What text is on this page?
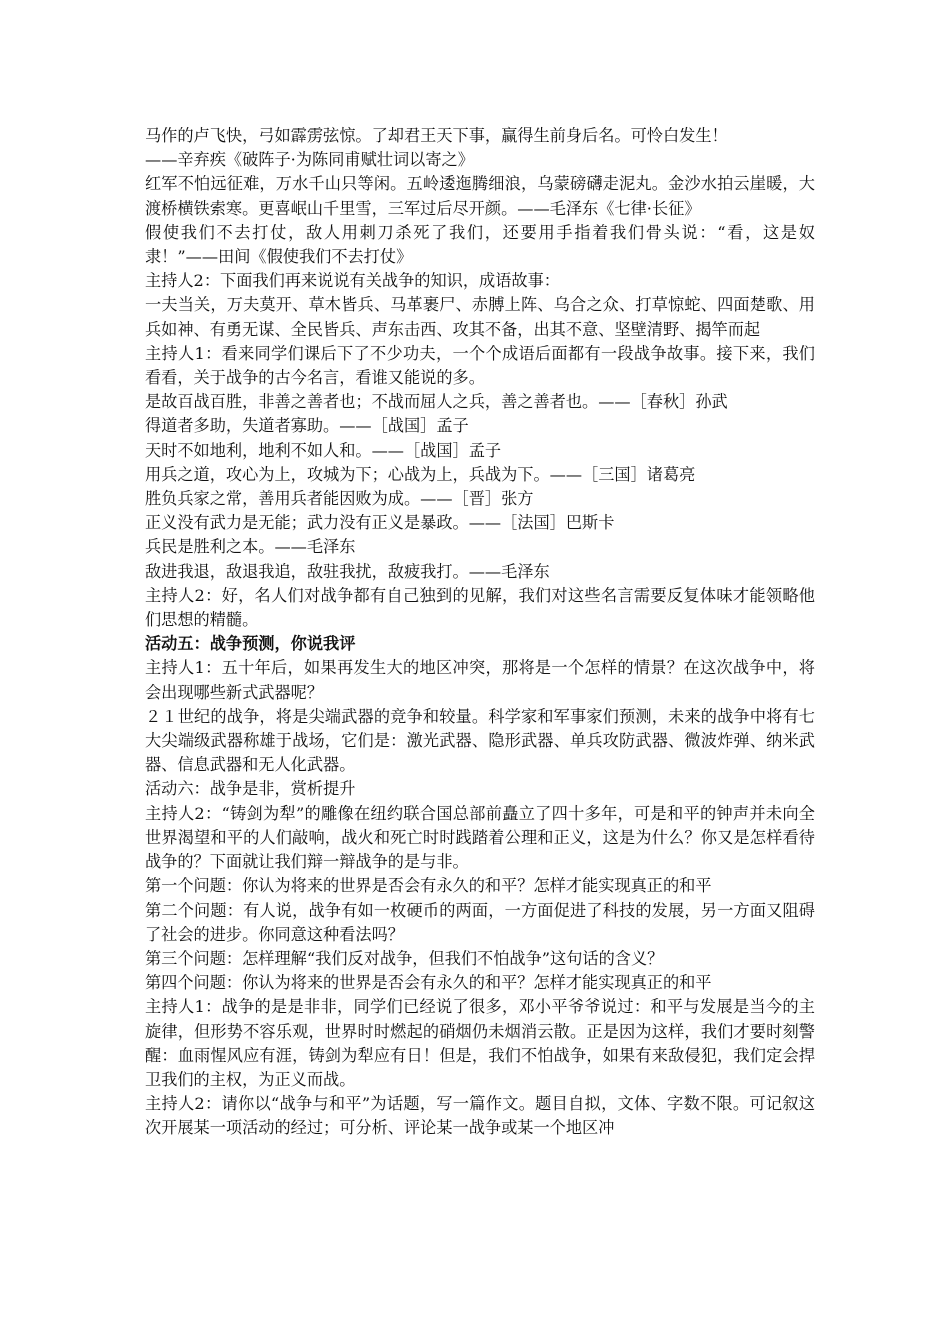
马作的卢飞快，弓如霹雳弦惊。了却君王天下事，赢得生前身后名。可怜白发生！

——辛弃疾《破阵子·为陈同甫赋壮词以寄之》

红军不怕远征难，万水千山只等闲。五岭逶迤腾细浪，乌蒙磅礴走泥丸。金沙水拍云崖暖，大渡桥横铁索寒。更喜岷山千里雪，三军过后尽开颜。——毛泽东《七律·长征》

假使我们不去打仗，敌人用刺刀杀死了我们，还要用手指着我们骨头说：“看，这是奴隶！”——田间《假使我们不去打仗》

主持人2：下面我们再来说说有关战争的知识，成语故事：

一夫当关，万夫莫开、草木皆兵、马革裹尸、赤膊上阵、乌合之众、打草惊蛇、四面楚歌、用兵如神、有勇无谋、全民皆兵、声东击西、攻其不备，出其不意、坚壁清野、揭竿而起

主持人1：看来同学们课后下了不少功夫，一个个成语后面都有一段战争故事。接下来，我们看看，关于战争的古今名言，看谁又能说的多。

是故百战百胜，非善之善者也；不战而屈人之兵，善之善者也。——［春秋］孙武

得道者多助，失道者寡助。——［战国］孟子

天时不如地利，地利不如人和。——［战国］孟子

用兵之道，攻心为上，攻城为下；心战为上，兵战为下。——［三国］诸葛亮

胜负兵家之常，善用兵者能因败为成。——［晋］张方

正义没有武力是无能；武力没有正义是暴政。——［法国］巴斯卡

兵民是胜利之本。——毛泽东

敌进我退，敌退我追，敌驻我扰，敌疲我打。——毛泽东

主持人2：好，名人们对战争都有自己独到的见解，我们对这些名言需要反复体味才能领略他们思想的精髓。

活动五：战争预测，你说我评

主持人1：五十年后，如果再发生大的地区冲突，那将是一个怎样的情景？在这次战争中，将会出现哪些新式武器呢？

２１世纪的战争，将是尖端武器的竞争和较量。科学家和军事家们预测，未来的战争中将有七大尖端级武器称雄于战场，它们是：激光武器、隐形武器、单兵攻防武器、微波炸弹、纳米武器、信息武器和无人化武器。

活动六：战争是非，赏析提升

主持人2：“铸剑为犁”的雕像在纽约联合国总部前矗立了四十多年，可是和平的钟声并未向全世界渴望和平的人们敲响，战火和死亡时时践踏着公理和正义，这是为什么？你又是怎样看待战争的？下面就让我们辩一辩战争的是与非。

第一个问题：你认为将来的世界是否会有永久的和平？怎样才能实现真正的和平

第二个问题：有人说，战争有如一枚硬币的两面，一方面促进了科技的发展，另一方面又阻碍了社会的进步。你同意这种看法吗？

第三个问题：怎样理解“我们反对战争，但我们不怕战争”这句话的含义？

第四个问题：你认为将来的世界是否会有永久的和平？怎样才能实现真正的和平

主持人1：战争的是是非非，同学们已经说了很多，邓小平爷爷说过：和平与发展是当今的主旋律，但形势不容乐观，世界时时燃起的硝烟仍未烟消云散。正是因为这样，我们才要时刻警醒：血雨惺风应有涯，铸剑为犁应有日！但是，我们不怕战争，如果有来敌侵犯，我们定会捍卫我们的主权，为正义而战。

主持人2：请你以“战争与和平”为话题，写一篇作文。题目自拟，文体、字数不限。可记叙这次开展某一项活动的经过；可分析、评论某一战争或某一个地区冲
